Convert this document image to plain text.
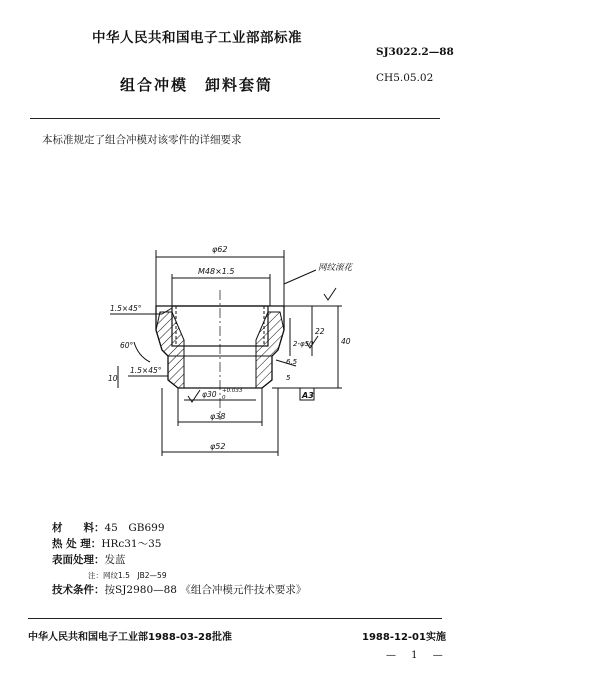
中华人民共和国电子工业部部标准
SJ3022.2—88
组合冲模　卸料套筒	CH5.05.02
本标准规定了组合冲模对该零件的详细要求
φ62
M48×1.5	网纹滚花
1.5×45°
60°
1.5×45°
10
2-φ50
22
40
6.5
5
A3
φ30 +0.033
0
φ38
φ52
材　　料：45　GB699
热 处 理：HRc31～35
表面处理：发蓝
注：网纹1.5　JB2—59
技术条件：按SJ2980—88 《组合冲模元件技术要求》
中华人民共和国电子工业部1988-03-28批准	1988-12-01实施
— 1 —
